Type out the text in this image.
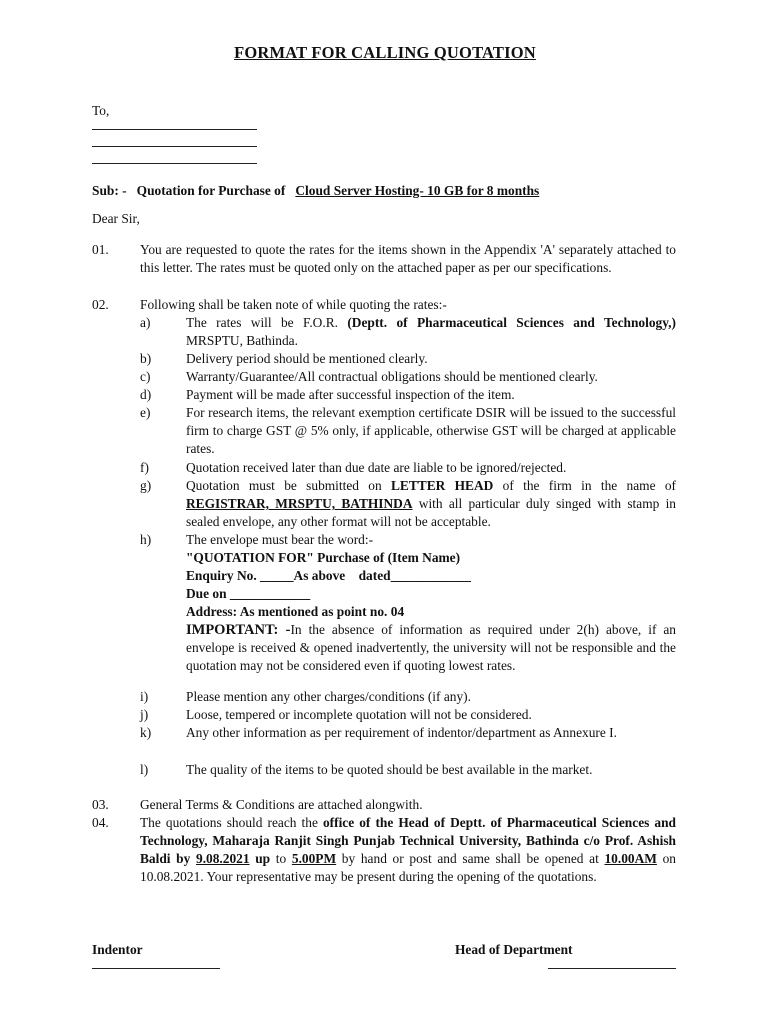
FORMAT FOR CALLING QUOTATION
To,
Sub: - Quotation for Purchase of Cloud Server Hosting- 10 GB for 8 months
Dear Sir,
01. You are requested to quote the rates for the items shown in the Appendix 'A' separately attached to this letter. The rates must be quoted only on the attached paper as per our specifications.
02. Following shall be taken note of while quoting the rates:-
a)	The rates will be F.O.R. (Deptt. of Pharmaceutical Sciences and Technology,) MRSPTU, Bathinda.
b)	Delivery period should be mentioned clearly.
c)	Warranty/Guarantee/All contractual obligations should be mentioned clearly.
d)	Payment will be made after successful inspection of the item.
e)	For research items, the relevant exemption certificate DSIR will be issued to the successful firm to charge GST @ 5% only, if applicable, otherwise GST will be charged at applicable rates.
f)	Quotation received later than due date are liable to be ignored/rejected.
g)	Quotation must be submitted on LETTER HEAD of the firm in the name of REGISTRAR, MRSPTU, BATHINDA with all particular duly singed with stamp in sealed envelope, any other format will not be acceptable.
h)	The envelope must bear the word:-
"QUOTATION FOR" Purchase of (Item Name)
Enquiry No. _____As above    dated____________
Due on ____________
Address: As mentioned as point no. 04
IMPORTANT: -In the absence of information as required under 2(h) above, if an envelope is received & opened inadvertently, the university will not be responsible and the quotation may not be considered even if quoting lowest rates.
i)	Please mention any other charges/conditions (if any).
j)	Loose, tempered or incomplete quotation will not be considered.
k)	Any other information as per requirement of indentor/department as Annexure I.
l)	The quality of the items to be quoted should be best available in the market.
03. General Terms & Conditions are attached alongwith.
04. The quotations should reach the office of the Head of Deptt. of Pharmaceutical Sciences and Technology, Maharaja Ranjit Singh Punjab Technical University, Bathinda c/o Prof. Ashish Baldi by 9.08.2021 up to 5.00PM by hand or post and same shall be opened at 10.00AM on 10.08.2021. Your representative may be present during the opening of the quotations.
Indentor	Head of Department
